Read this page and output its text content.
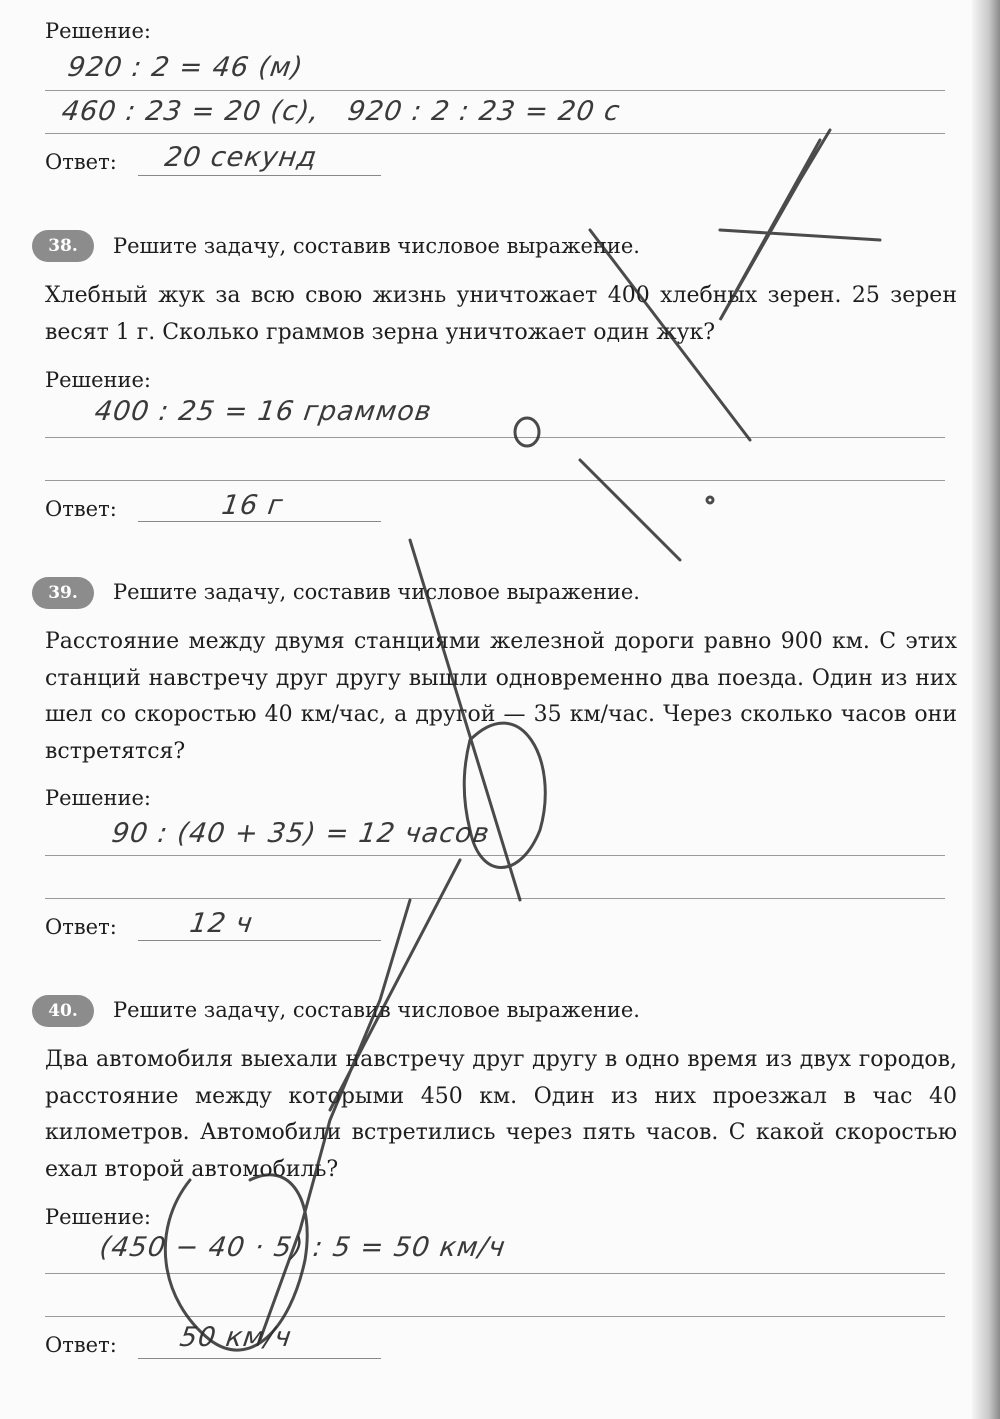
Решение:
920 : 2 = 46 (м)
460 : 23 = 20 (с), 920 : 2 : 23 = 20 с
Ответ: 20 секунд
38.	Решите задачу, составив числовое выражение.
Хлебный жук за всю свою жизнь уничтожает 400 хлебных зерен. 25 зерен весят 1 г. Сколько граммов зерна уничтожает один жук?
Решение:
400 : 25 = 16 граммов
Ответ:	16 г
39.	Решите задачу, составив числовое выражение.
Расстояние между двумя станциями железной дороги равно 900 км. С этих станций навстречу друг другу вышли одновременно два поезда. Один из них шел со скоростью 40 км/час, а другой — 35 км/час. Через сколько часов они встретятся?
Решение:
90 : (40 + 35) = 12 часов
Ответ:	12 ч
40.	Решите задачу, составив числовое выражение.
Два автомобиля выехали навстречу друг другу в одно время из двух городов, расстояние между которыми 450 км. Один из них проезжал в час 40 километров. Автомобили встретились через пять часов. С какой скоростью ехал второй автомобиль?
Решение:
(450 − 40 · 5) : 5 = 50 км/ч
Ответ: 50 км/ч
